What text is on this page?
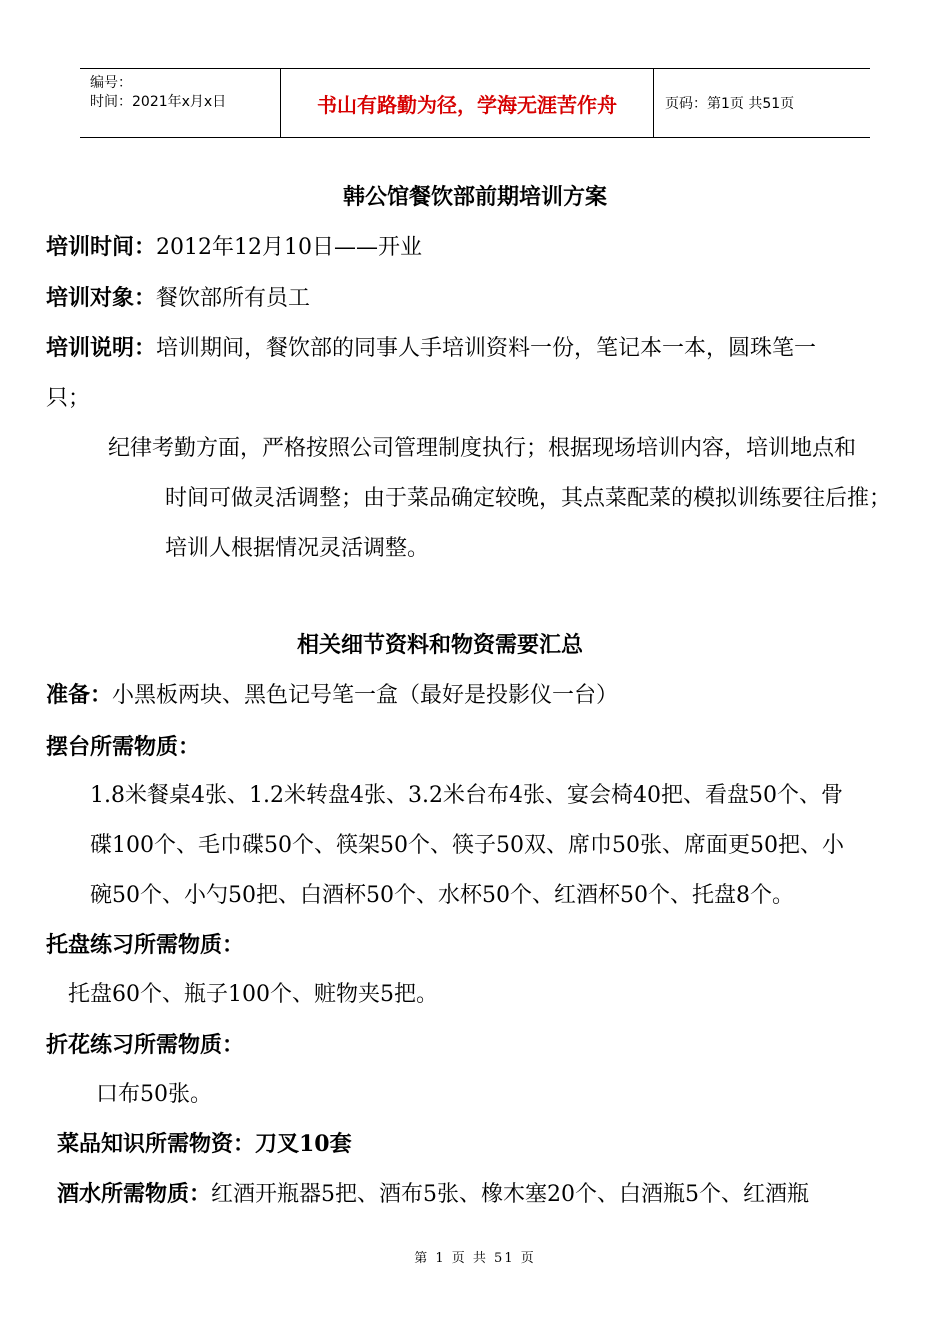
编号：
时间：2021年x月x日	书山有路勤为径，学海无涯苦作舟	页码：第1页 共51页
韩公馆餐饮部前期培训方案
培训时间：2012年12月10日——开业
培训对象：餐饮部所有员工
培训说明：培训期间，餐饮部的同事人手培训资料一份，笔记本一本，圆珠笔一
只；
纪律考勤方面，严格按照公司管理制度执行；根据现场培训内容，培训地点和
时间可做灵活调整；由于菜品确定较晚，其点菜配菜的模拟训练要往后推；
培训人根据情况灵活调整。
相关细节资料和物资需要汇总
准备：小黑板两块、黑色记号笔一盒（最好是投影仪一台）
摆台所需物质：
1.8米餐桌4张、1.2米转盘4张、3.2米台布4张、宴会椅40把、看盘50个、骨
碟100个、毛巾碟50个、筷架50个、筷子50双、席巾50张、席面更50把、小
碗50个、小勺50把、白酒杯50个、水杯50个、红酒杯50个、托盘8个。
托盘练习所需物质：
托盘60个、瓶子100个、赃物夹5把。
折花练习所需物质：
口布50张。
菜品知识所需物资：刀叉10套
酒水所需物质：红酒开瓶器5把、酒布5张、橡木塞20个、白酒瓶5个、红酒瓶
第 1 页 共 51 页
